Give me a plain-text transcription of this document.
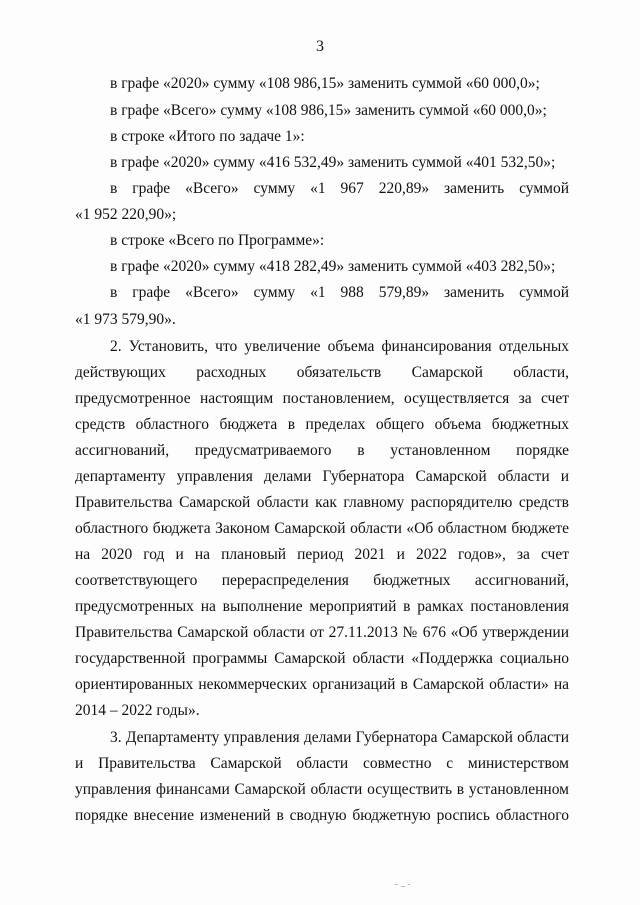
3
в графе «2020» сумму «108 986,15» заменить суммой «60 000,0»;
в графе «Всего» сумму «108 986,15» заменить суммой «60 000,0»;
в строке «Итого по задаче 1»:
в графе «2020» сумму «416 532,49» заменить суммой «401 532,50»;
в графе «Всего» сумму «1 967 220,89» заменить суммой
«1 952 220,90»;
в строке «Всего по Программе»:
в графе «2020» сумму «418 282,49» заменить суммой «403 282,50»;
в графе «Всего» сумму «1 988 579,89» заменить суммой
«1 973 579,90».
2. Установить, что увеличение объема финансирования отдельных
действующих расходных обязательств Самарской области,
предусмотренное настоящим постановлением, осуществляется за счет
средств областного бюджета в пределах общего объема бюджетных
ассигнований, предусматриваемого в установленном порядке
департаменту управления делами Губернатора Самарской области и
Правительства Самарской области как главному распорядителю средств
областного бюджета Законом Самарской области «Об областном бюджете
на 2020 год и на плановый период 2021 и 2022 годов», за счет
соответствующего перераспределения бюджетных ассигнований,
предусмотренных на выполнение мероприятий в рамках постановления
Правительства Самарской области от 27.11.2013 № 676 «Об утверждении
государственной программы Самарской области «Поддержка социально
ориентированных некоммерческих организаций в Самарской области» на
2014 – 2022 годы».
3. Департаменту управления делами Губернатора Самарской области
и Правительства Самарской области совместно с министерством
управления финансами Самарской области осуществить в установленном
порядке внесение изменений в сводную бюджетную роспись областного
